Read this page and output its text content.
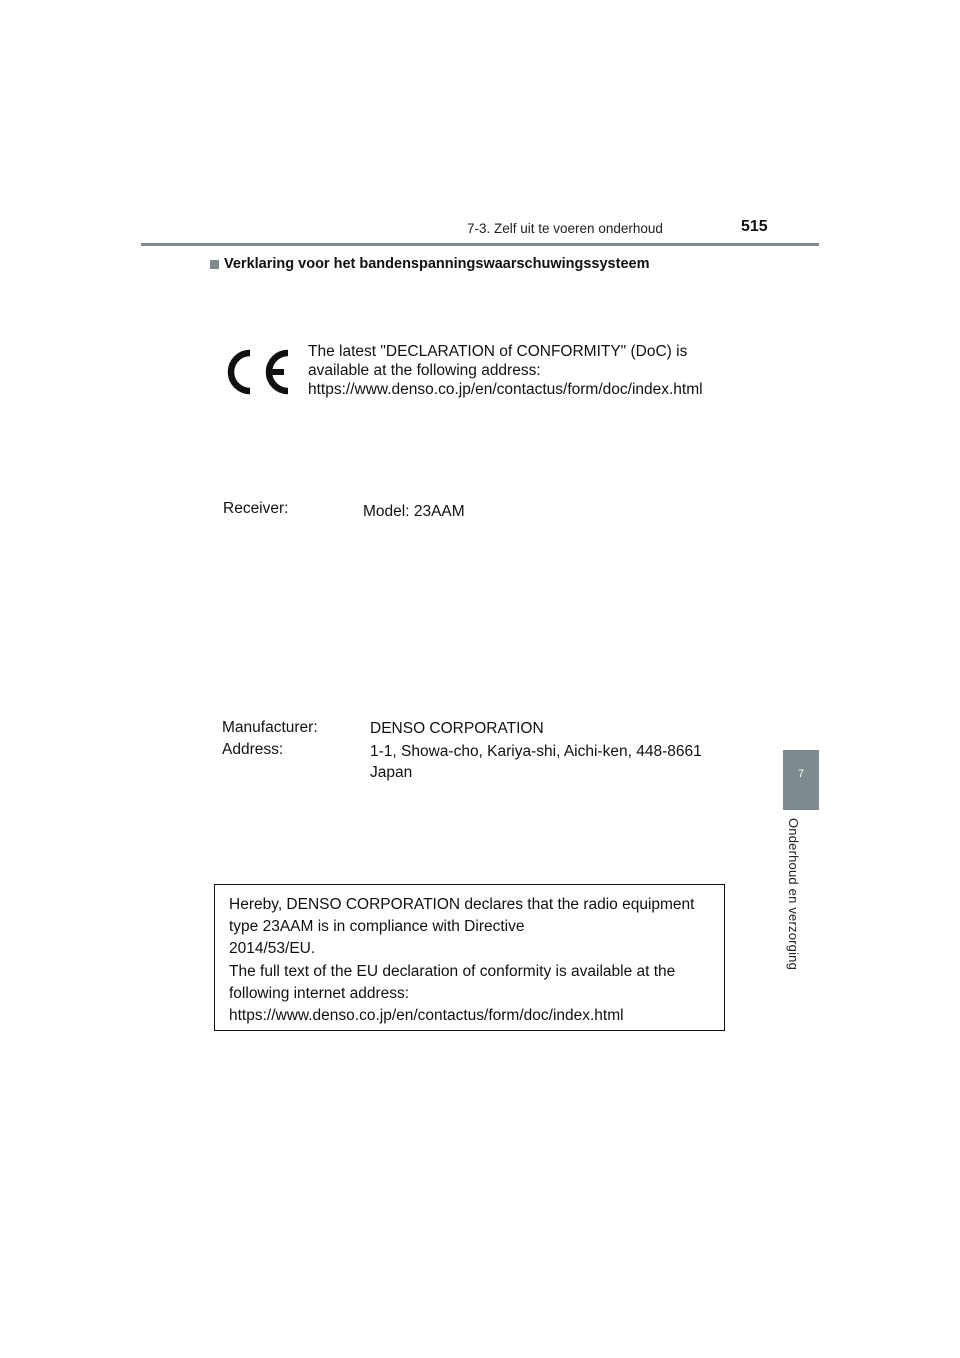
7-3. Zelf uit te voeren onderhoud	515
Verklaring voor het bandenspanningswaarschuwingssysteem
7
Onderhoud en verzorging
The latest "DECLARATION of CONFORMITY" (DoC) is
available at the following address:
https://www.denso.co.jp/en/contactus/form/doc/index.html
Receiver:	Model: 23AAM
Manufacturer:	DENSO CORPORATION
Address:	1-1, Showa-cho, Kariya-shi, Aichi-ken, 448-8661
Japan
Hereby, DENSO CORPORATION declares that the radio equipment
type 23AAM is in compliance with Directive
2014/53/EU.
The full text of the EU declaration of conformity is available at the
following internet address:
https://www.denso.co.jp/en/contactus/form/doc/index.html
